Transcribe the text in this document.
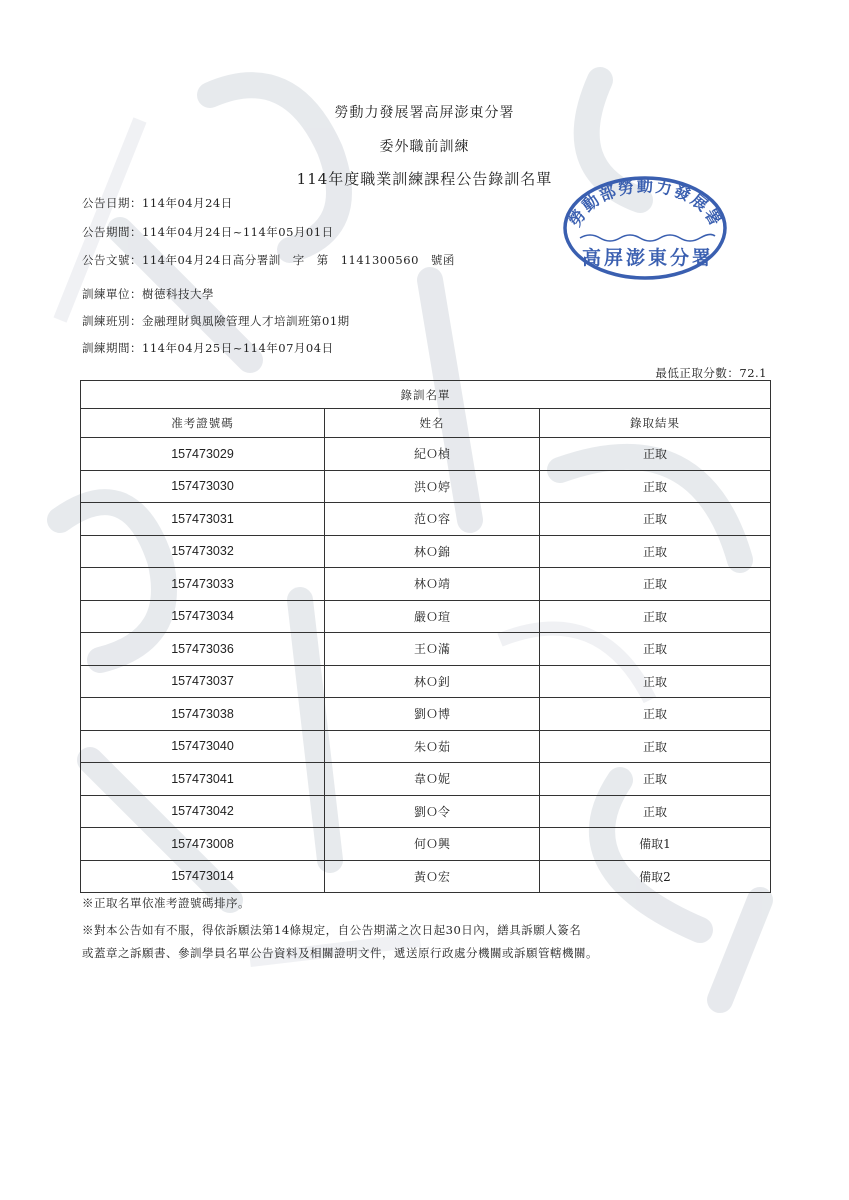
勞動力發展署高屏澎東分署
委外職前訓練
114年度職業訓練課程公告錄訓名單
勞動部勞動力發展署
高屏澎東分署
公告日期：114年04月24日
公告期間：114年04月24日~114年05月01日
公告文號：114年04月24日高分署訓　字　第　1141300560　號函
訓練單位：樹德科技大學
訓練班別：金融理財與風險管理人才培訓班第01期
訓練期間：114年04月25日~114年07月04日
最低正取分數：72.1
錄訓名單		
准考證號碼	姓名	錄取結果
157473029	紀Ｏ楨	正取
157473030	洪Ｏ婷	正取
157473031	范Ｏ容	正取
157473032	林Ｏ錦	正取
157473033	林Ｏ靖	正取
157473034	嚴Ｏ瑄	正取
157473036	王Ｏ滿	正取
157473037	林Ｏ釗	正取
157473038	劉Ｏ博	正取
157473040	朱Ｏ茹	正取
157473041	韋Ｏ妮	正取
157473042	劉Ｏ令	正取
157473008	何Ｏ興	備取1
157473014	黃Ｏ宏	備取2
※正取名單依准考證號碼排序。
※對本公告如有不服，得依訴願法第14條規定，自公告期滿之次日起30日內，繕具訴願人簽名
或蓋章之訴願書、參訓學員名單公告資料及相關證明文件，遞送原行政處分機關或訴願管轄機關。
